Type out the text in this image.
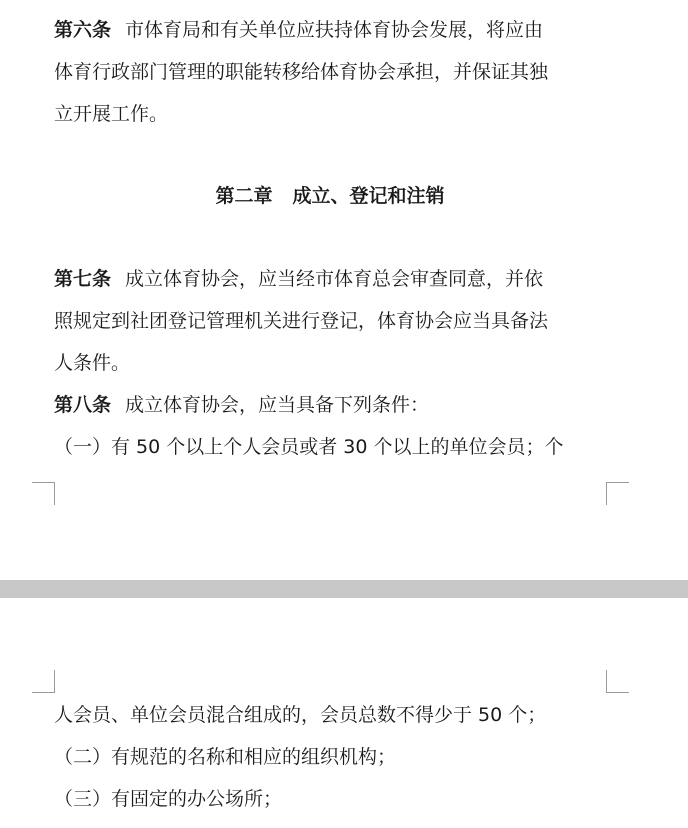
第六条 市体育局和有关单位应扶持体育协会发展，将应由
体育行政部门管理的职能转移给体育协会承担，并保证其独
立开展工作。
第二章 成立、登记和注销
第七条 成立体育协会，应当经市体育总会审查同意，并依
照规定到社团登记管理机关进行登记，体育协会应当具备法
人条件。
第八条 成立体育协会，应当具备下列条件：
（一）有 50 个以上个人会员或者 30 个以上的单位会员；个
人会员、单位会员混合组成的，会员总数不得少于 50 个；
（二）有规范的名称和相应的组织机构；
（三）有固定的办公场所；
